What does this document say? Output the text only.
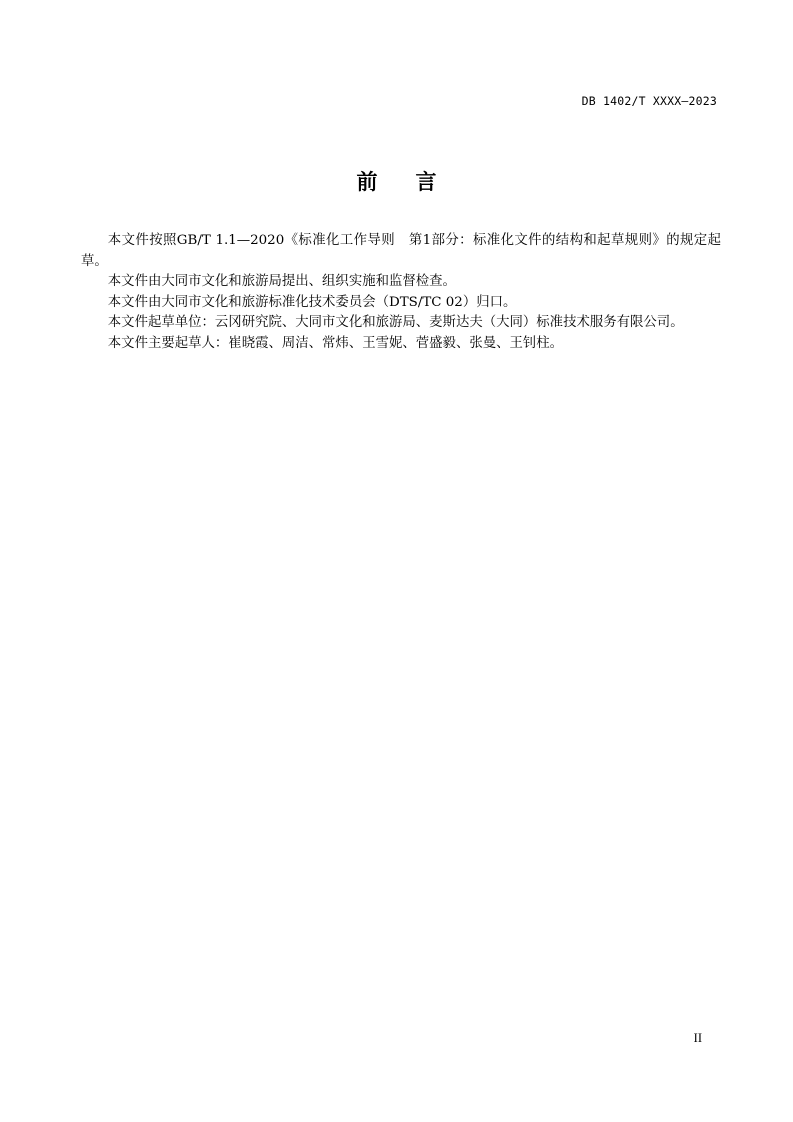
DB 1402/T XXXX—2023
前言

本文件按照GB/T 1.1—2020《标准化工作导则　第1部分：标准化文件的结构和起草规则》的规定起草。

本文件由大同市文化和旅游局提出、组织实施和监督检查。

本文件由大同市文化和旅游标准化技术委员会（DTS/TC 02）归口。

本文件起草单位：云冈研究院、大同市文化和旅游局、麦斯达夫（大同）标准技术服务有限公司。

本文件主要起草人：崔晓霞、周洁、常炜、王雪妮、菅盛毅、张曼、王钊柱。

II
